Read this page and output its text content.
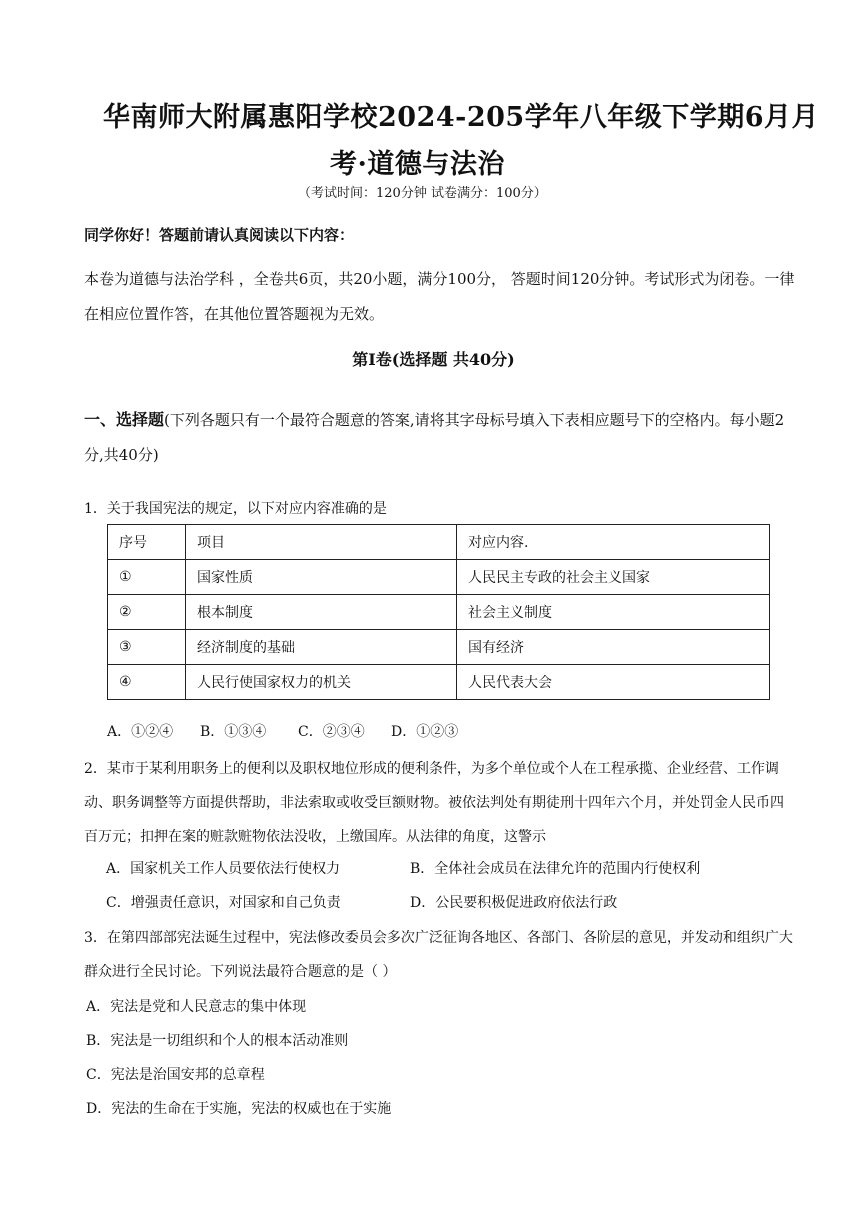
华南师大附属惠阳学校2024-205学年八年级下学期6月月
考·道德与法治
（考试时间：120分钟 试卷满分：100分）
同学你好！答题前请认真阅读以下内容：
本卷为道德与法治学科 ，全卷共6页，共20小题，满分100分， 答题时间120分钟。考试形式为闭卷。一律在相应位置作答，在其他位置答题视为无效。
第Ⅰ卷(选择题 共40分)
一、选择题(下列各题只有一个最符合题意的答案,请将其字母标号填入下表相应题号下的空格内。每小题2分,共40分)
1．关于我国宪法的规定，以下对应内容准确的是
序号	项目	对应内容.
①	国家性质	人民民主专政的社会主义国家
②	根本制度	社会主义制度
③	经济制度的基础	国有经济
④	人民行使国家权力的机关	人民代表大会
A．①②④ B．①③④ C．②③④ D．①②③
2．某市于某利用职务上的便利以及职权地位形成的便利条件，为多个单位或个人在工程承揽、企业经营、工作调动、职务调整等方面提供帮助，非法索取或收受巨额财物。被依法判处有期徒刑十四年六个月，并处罚金人民币四百万元；扣押在案的赃款赃物依法没收，上缴国库。从法律的角度，这警示
A．国家机关工作人员要依法行使权力	B．全体社会成员在法律允许的范围内行使权利
C．增强责任意识，对国家和自己负责	D．公民要积极促进政府依法行政
3．在第四部部宪法诞生过程中，宪法修改委员会多次广泛征询各地区、各部门、各阶层的意见，并发动和组织广大群众进行全民讨论。下列说法最符合题意的是（ ）
A．宪法是党和人民意志的集中体现
B．宪法是一切组织和个人的根本活动准则
C．宪法是治国安邦的总章程
D．宪法的生命在于实施，宪法的权威也在于实施
